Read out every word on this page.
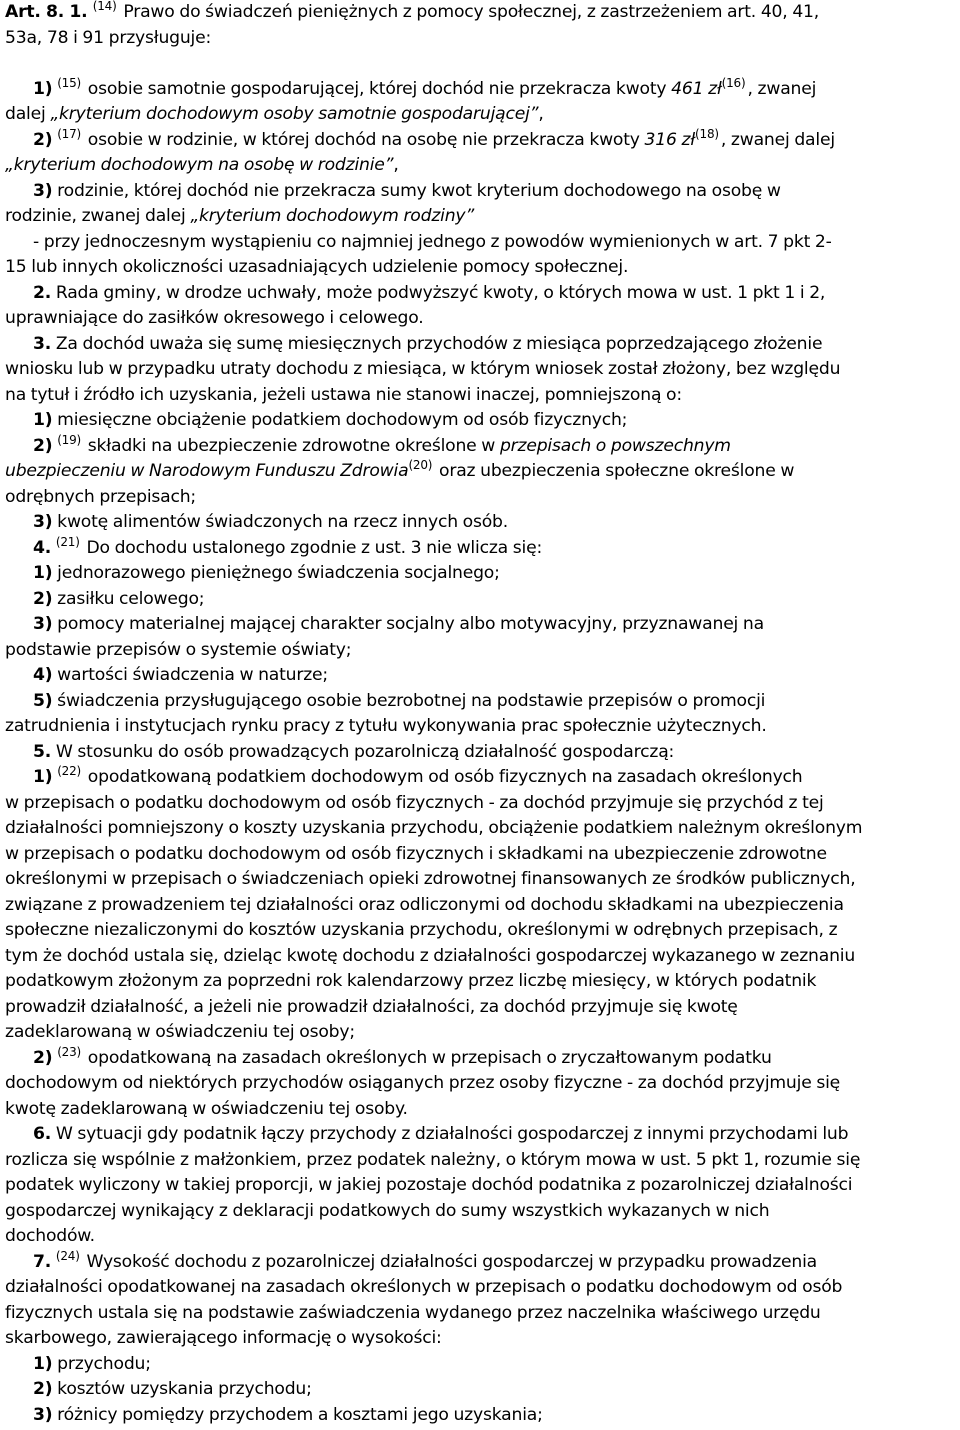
Art. 8. 1. $^{(14)}$ Prawo do świadczeń pieniężnych z pomocy społecznej, z zastrzeżeniem art. 40, 41,
53a, 78 i 91 przysługuje:
1) $^{(15)}$ osobie samotnie gospodarującej, której dochód nie przekracza kwoty 461 $zł^{(16)}$ , zwanej
dalej „kryterium dochodowym osoby samotnie gospodarującej”,
2) $^{(17)}$ osobie w rodzinie, w której dochód na osobę nie przekracza kwoty 316 $zł^{(18)}$ , zwanej dalej
„kryterium dochodowym na osobę w rodzinie”,
3) rodzinie, której dochód nie przekracza sumy kwot kryterium dochodowego na osobę w
rodzinie, zwanej dalej „kryterium dochodowym rodziny”
- przy jednoczesnym wystąpieniu co najmniej jednego z powodów wymienionych w art. 7 pkt 2-
15 lub innych okoliczności uzasadniających udzielenie pomocy społecznej.
2. Rada gminy, w drodze uchwały, może podwyższyć kwoty, o których mowa w ust. 1 pkt 1 i 2,
uprawniające do zasiłków okresowego i celowego.
3. Za dochód uważa się sumę miesięcznych przychodów z miesiąca poprzedzającego złożenie
wniosku lub w przypadku utraty dochodu z miesiąca, w którym wniosek został złożony, bez względu
na tytuł i źródło ich uzyskania, jeżeli ustawa nie stanowi inaczej, pomniejszoną o:
1) miesięczne obciążenie podatkiem dochodowym od osób fizycznych;
2) $^{(19)}$ składki na ubezpieczenie zdrowotne określone w przepisach o powszechnym
ubezpieczeniu w Narodowym Funduszu Zdrowia$^{(20)}$ oraz ubezpieczenia społeczne określone w
odrębnych przepisach;
3) kwotę alimentów świadczonych na rzecz innych osób.
4. $^{(21)}$ Do dochodu ustalonego zgodnie z ust. 3 nie wlicza się:
1) jednorazowego pieniężnego świadczenia socjalnego;
2) zasiłku celowego;
3) pomocy materialnej mającej charakter socjalny albo motywacyjny, przyznawanej na
podstawie przepisów o systemie oświaty;
4) wartości świadczenia w naturze;
5) świadczenia przysługującego osobie bezrobotnej na podstawie przepisów o promocji
zatrudnienia i instytucjach rynku pracy z tytułu wykonywania prac społecznie użytecznych.
5. W stosunku do osób prowadzących pozarolniczą działalność gospodarczą:
1) $^{(22)}$ opodatkowaną podatkiem dochodowym od osób fizycznych na zasadach określonych
w przepisach o podatku dochodowym od osób fizycznych - za dochód przyjmuje się przychód z tej
działalności pomniejszony o koszty uzyskania przychodu, obciążenie podatkiem należnym określonym
w przepisach o podatku dochodowym od osób fizycznych i składkami na ubezpieczenie zdrowotne
określonymi w przepisach o świadczeniach opieki zdrowotnej finansowanych ze środków publicznych,
związane z prowadzeniem tej działalności oraz odliczonymi od dochodu składkami na ubezpieczenia
społeczne niezaliczonymi do kosztów uzyskania przychodu, określonymi w odrębnych przepisach, z
tym że dochód ustala się, dzieląc kwotę dochodu z działalności gospodarczej wykazanego w zeznaniu
podatkowym złożonym za poprzedni rok kalendarzowy przez liczbę miesięcy, w których podatnik
prowadził działalność, a jeżeli nie prowadził działalności, za dochód przyjmuje się kwotę
zadeklarowaną w oświadczeniu tej osoby;
2) $^{(23)}$ opodatkowaną na zasadach określonych w przepisach o zryczałtowanym podatku
dochodowym od niektórych przychodów osiąganych przez osoby fizyczne - za dochód przyjmuje się
kwotę zadeklarowaną w oświadczeniu tej osoby.
6. W sytuacji gdy podatnik łączy przychody z działalności gospodarczej z innymi przychodami lub
rozlicza się wspólnie z małżonkiem, przez podatek należny, o którym mowa w ust. 5 pkt 1, rozumie się
podatek wyliczony w takiej proporcji, w jakiej pozostaje dochód podatnika z pozarolniczej działalności
gospodarczej wynikający z deklaracji podatkowych do sumy wszystkich wykazanych w nich
dochodów.
7. $^{(24)}$ Wysokość dochodu z pozarolniczej działalności gospodarczej w przypadku prowadzenia
działalności opodatkowanej na zasadach określonych w przepisach o podatku dochodowym od osób
fizycznych ustala się na podstawie zaświadczenia wydanego przez naczelnika właściwego urzędu
skarbowego, zawierającego informację o wysokości:
1) przychodu;
2) kosztów uzyskania przychodu;
3) różnicy pomiędzy przychodem a kosztami jego uzyskania;
